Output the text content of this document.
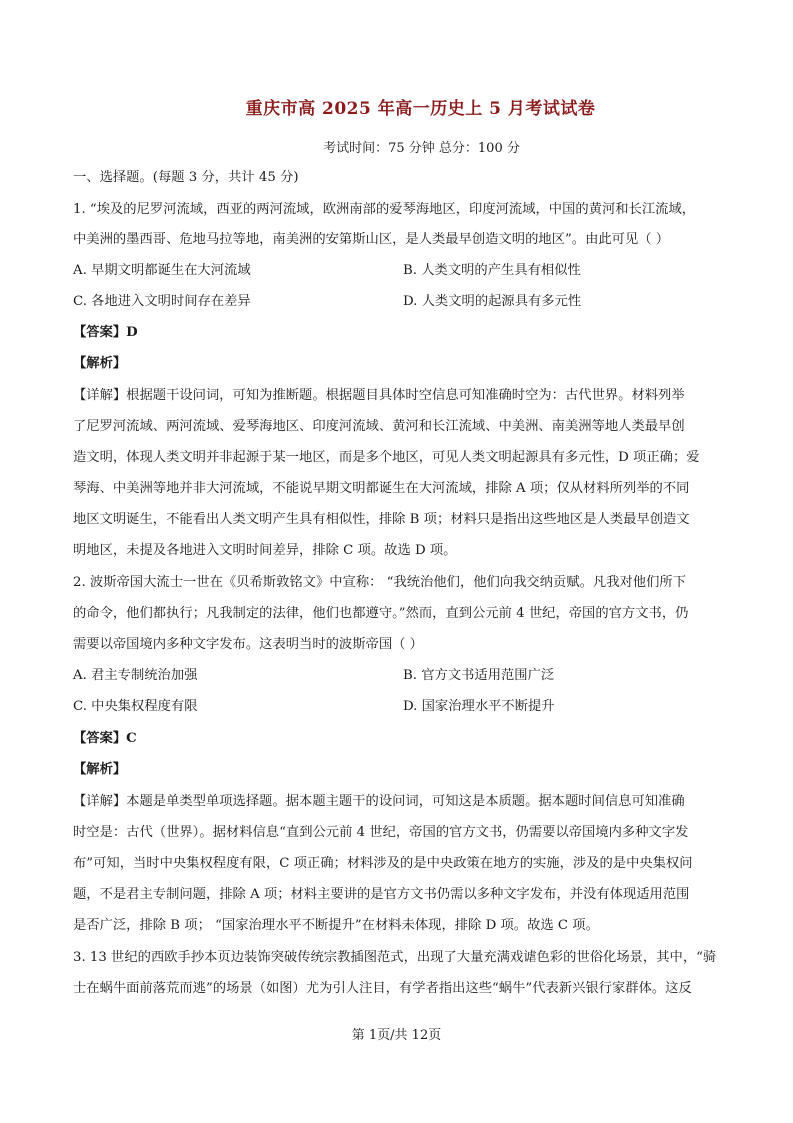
重庆市高 2025 年高一历史上 5 月考试试卷
考试时间：75 分钟 总分：100 分
一、选择题。(每题 3 分，共计 45 分)
1. “埃及的尼罗河流域，西亚的两河流域，欧洲南部的爱琴海地区，印度河流域，中国的黄河和长江流域，
中美洲的墨西哥、危地马拉等地，南美洲的安第斯山区，是人类最早创造文明的地区”。由此可见（ ）
A. 早期文明都诞生在大河流域	B. 人类文明的产生具有相似性
C. 各地进入文明时间存在差异	D. 人类文明的起源具有多元性
【答案】D
【解析】
【详解】根据题干设问词，可知为推断题。根据题目具体时空信息可知准确时空为：古代世界。材料列举
了尼罗河流域、两河流域、爱琴海地区、印度河流域、黄河和长江流域、中美洲、南美洲等地人类最早创
造文明，体现人类文明并非起源于某一地区，而是多个地区，可见人类文明起源具有多元性，D 项正确；爱
琴海、中美洲等地并非大河流域，不能说早期文明都诞生在大河流域，排除 A 项；仅从材料所列举的不同
地区文明诞生，不能看出人类文明产生具有相似性，排除 B 项；材料只是指出这些地区是人类最早创造文
明地区，未提及各地进入文明时间差异，排除 C 项。故选 D 项。
2. 波斯帝国大流士一世在《贝希斯敦铭文》中宣称： “我统治他们，他们向我交纳贡赋。凡我对他们所下
的命令，他们都执行；凡我制定的法律，他们也都遵守。”然而，直到公元前 4 世纪，帝国的官方文书，仍
需要以帝国境内多种文字发布。这表明当时的波斯帝国（ ）
A. 君主专制统治加强	B. 官方文书适用范围广泛
C. 中央集权程度有限	D. 国家治理水平不断提升
【答案】C
【解析】
【详解】本题是单类型单项选择题。据本题主题干的设问词，可知这是本质题。据本题时间信息可知准确
时空是：古代（世界）。据材料信息“直到公元前 4 世纪，帝国的官方文书，仍需要以帝国境内多种文字发
布”可知，当时中央集权程度有限，C 项正确；材料涉及的是中央政策在地方的实施，涉及的是中央集权问
题，不是君主专制问题，排除 A 项；材料主要讲的是官方文书仍需以多种文字发布，并没有体现适用范围
是否广泛，排除 B 项； “国家治理水平不断提升”在材料未体现，排除 D 项。故选 C 项。
3. 13 世纪的西欧手抄本页边装饰突破传统宗教插图范式，出现了大量充满戏谑色彩的世俗化场景，其中，“骑
士在蜗牛面前落荒而逃”的场景（如图）尤为引人注目，有学者指出这些“蜗牛”代表新兴银行家群体。这反
第 1页/共 12页
